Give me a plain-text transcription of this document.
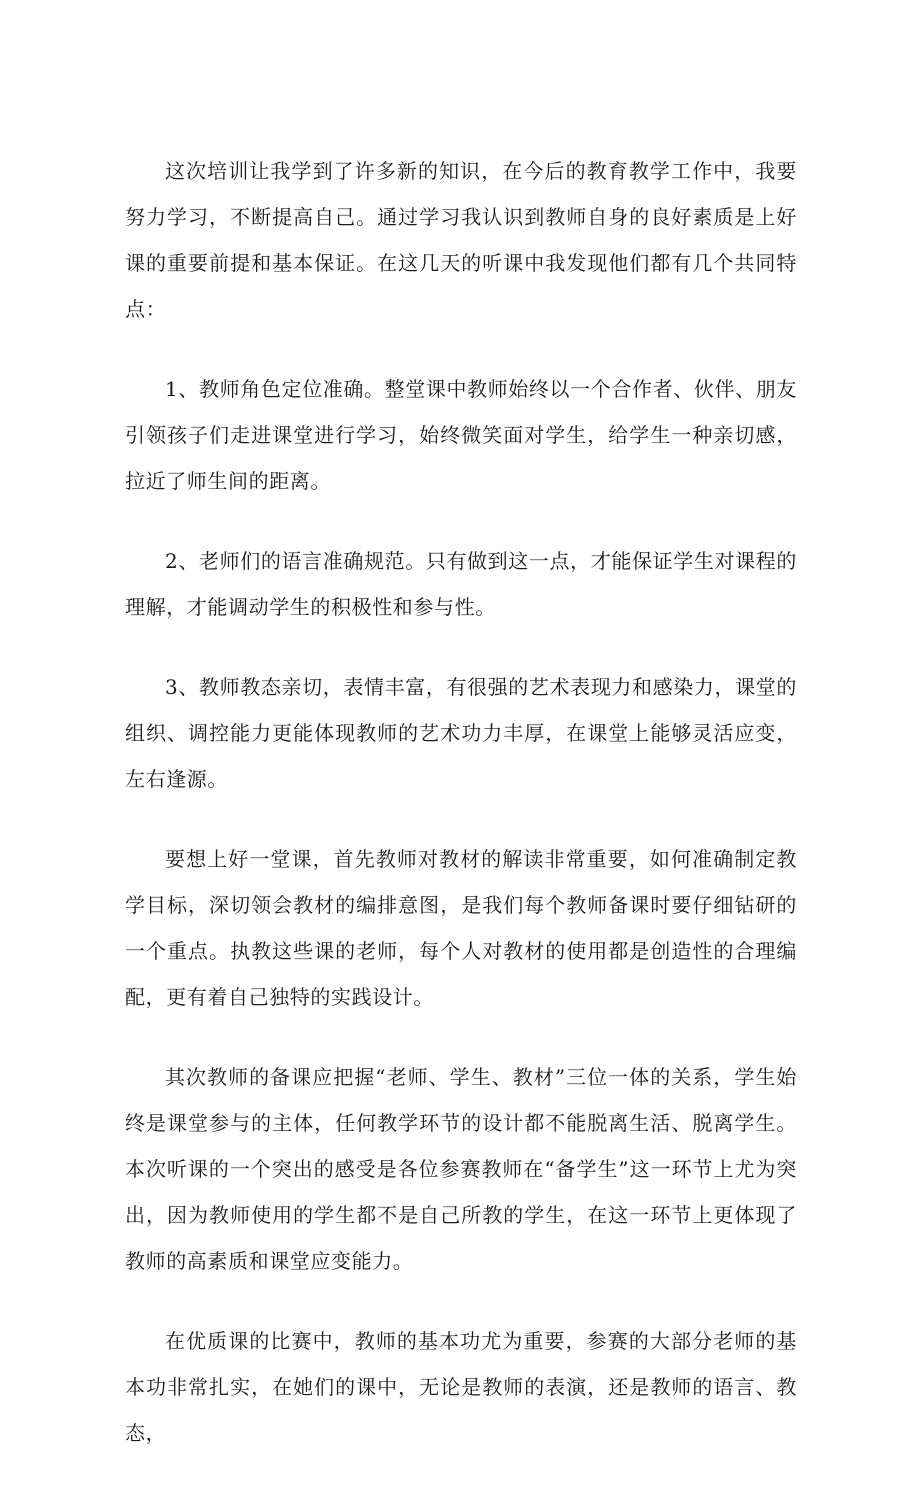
这次培训让我学到了许多新的知识，在今后的教育教学工作中，我要努力学习，不断提高自己。通过学习我认识到教师自身的良好素质是上好课的重要前提和基本保证。在这几天的听课中我发现他们都有几个共同特点：

1、教师角色定位准确。整堂课中教师始终以一个合作者、伙伴、朋友引领孩子们走进课堂进行学习，始终微笑面对学生，给学生一种亲切感，拉近了师生间的距离。

2、老师们的语言准确规范。只有做到这一点，才能保证学生对课程的理解，才能调动学生的积极性和参与性。

3、教师教态亲切，表情丰富，有很强的艺术表现力和感染力，课堂的组织、调控能力更能体现教师的艺术功力丰厚，在课堂上能够灵活应变，左右逢源。

要想上好一堂课，首先教师对教材的解读非常重要，如何准确制定教学目标，深切领会教材的编排意图，是我们每个教师备课时要仔细钻研的一个重点。执教这些课的老师，每个人对教材的使用都是创造性的合理编配，更有着自己独特的实践设计。

其次教师的备课应把握“老师、学生、教材”三位一体的关系，学生始终是课堂参与的主体，任何教学环节的设计都不能脱离生活、脱离学生。本次听课的一个突出的感受是各位参赛教师在“备学生”这一环节上尤为突出，因为教师使用的学生都不是自己所教的学生，在这一环节上更体现了教师的高素质和课堂应变能力。

在优质课的比赛中，教师的基本功尤为重要，参赛的大部分老师的基本功非常扎实，在她们的课中，无论是教师的表演，还是教师的语言、教态，
